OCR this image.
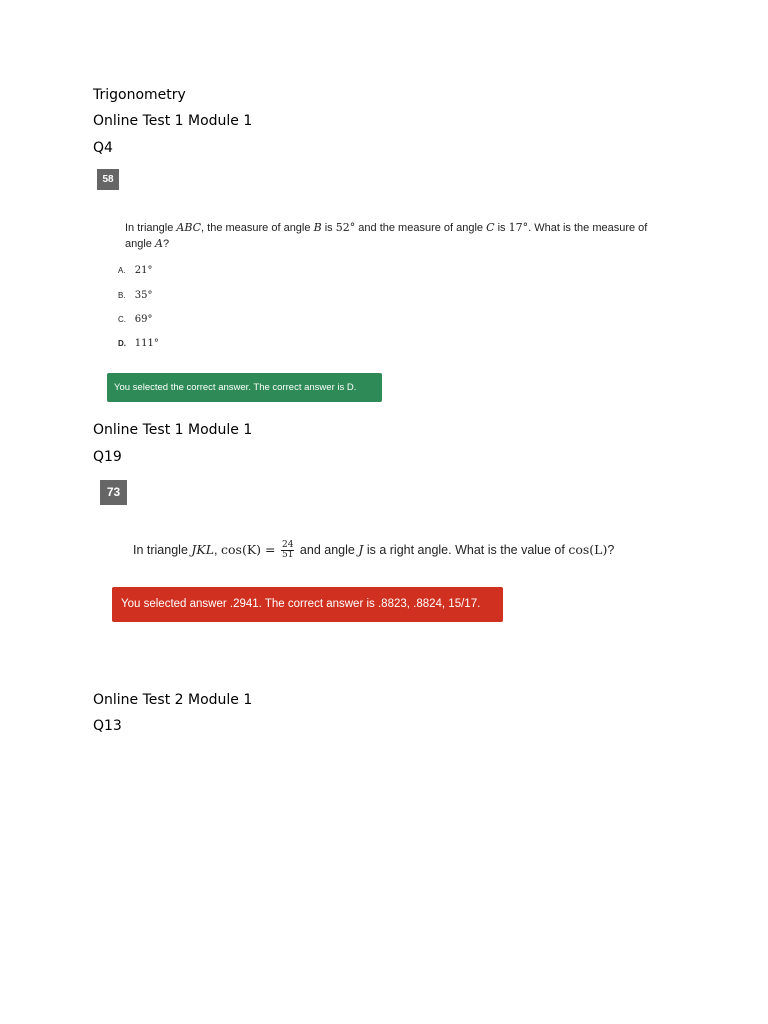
Trigonometry
Online Test 1 Module 1
Q4
58
In triangle ABC, the measure of angle B is 52° and the measure of angle C is 17°. What is the measure of
angle A?
A. 21°
B. 35°
C. 69°
D. 111°
You selected the correct answer. The correct answer is D.
Online Test 1 Module 1
Q19
73
In triangle JKL, $\cos(K) = \frac{24}{51}$ and angle J is a right angle. What is the value of cos(L)?
You selected answer .2941. The correct answer is .8823, .8824, 15/17.
Online Test 2 Module 1
Q13
